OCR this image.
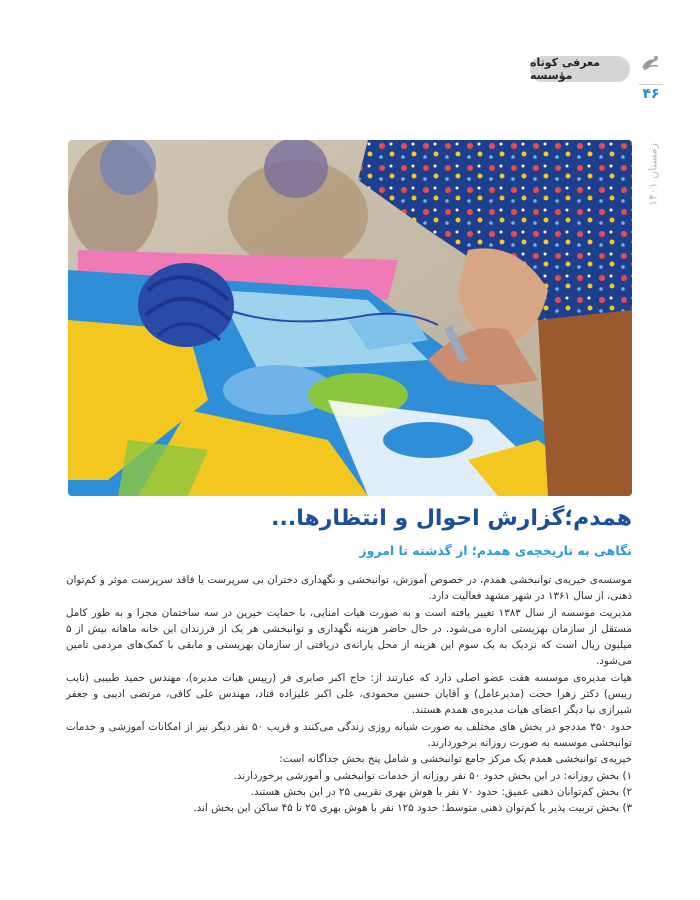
معرفی کوتاه مؤسسه
۴۶
زمستان ۱۴۰۱
همدم؛گزارش احوال و انتظارها...
نگاهی به تاریخچه‌ی همدم؛ از گذشته تا امروز

موسسه‌ی خیریه‌ی توانبخشی همدم، در خصوص آموزش، توانبخشی و نگهداری دختران بی سرپرست یا فاقد سرپرست موثر و کم‌توان ذهنی، از سال ۱۳۶۱ در شهر مشهد فعالیت دارد.

مدیریت موسسه از سال ۱۳۸۳ تغییر یافته است و به صورت هیات امنایی، با حمایت خیرین در سه ساختمان مجزا و به طور کامل مستقل از سازمان بهزیستی اداره می‌شود. در حال حاضر هزینه نگهداری و توانبخشی هر یک از فرزندان این خانه ماهانه بیش از ۵ میلیون ریال است که نزدیک به یک سوم این هزینه از محل یارانه‌ی دریافتی از سازمان بهزیستی و مابقی با کمک‌های مردمی تامین می‌شود.

هیات مدیره‌ی موسسه هفت عضو اصلی دارد که عبارتند از: حاج اکبر صابری فر (رییس هیات مدیره)، مهندس حمید طبیبی (نایب رییس) دکتر زهرا حجت (مدیرعامل) و آقایان حسین محمودی، علی اکبر علیزاده قناد، مهندس علی کافی، مرتضی ادیبی و جعفر شیرازی نیا دیگر اعضای هیات مدیره‌ی همدم هستند.

حدود ۳۵۰ مددجو در بخش های مختلف به صورت شبانه روزی زندگی می‌کنند و قریب ۵۰ نفر دیگر نیز از امکانات آموزشی و خدمات توانبخشی موسسه به صورت روزانه برخوردارند.

خیریه‌ی توانبخشی همدم یک مرکز جامع توانبخشی و شامل پنج بخش جداگانه است:

۱) بخش روزانه: در این بخش حدود ۵۰ نفر روزانه از خدمات توانبخشی و آموزشی برخوردارند.

۲) بخش کم‌توانان ذهنی عمیق: حدود ۷۰ نفر با هوش بهری تقریبی ۲۵ در این بخش هستند.

۳) بخش تربیت پذیر یا کم‌توان ذهنی متوسط: حدود ۱۲۵ نفر با هوش بهری ۲۵ تا ۴۵ ساکن این بخش اند.
